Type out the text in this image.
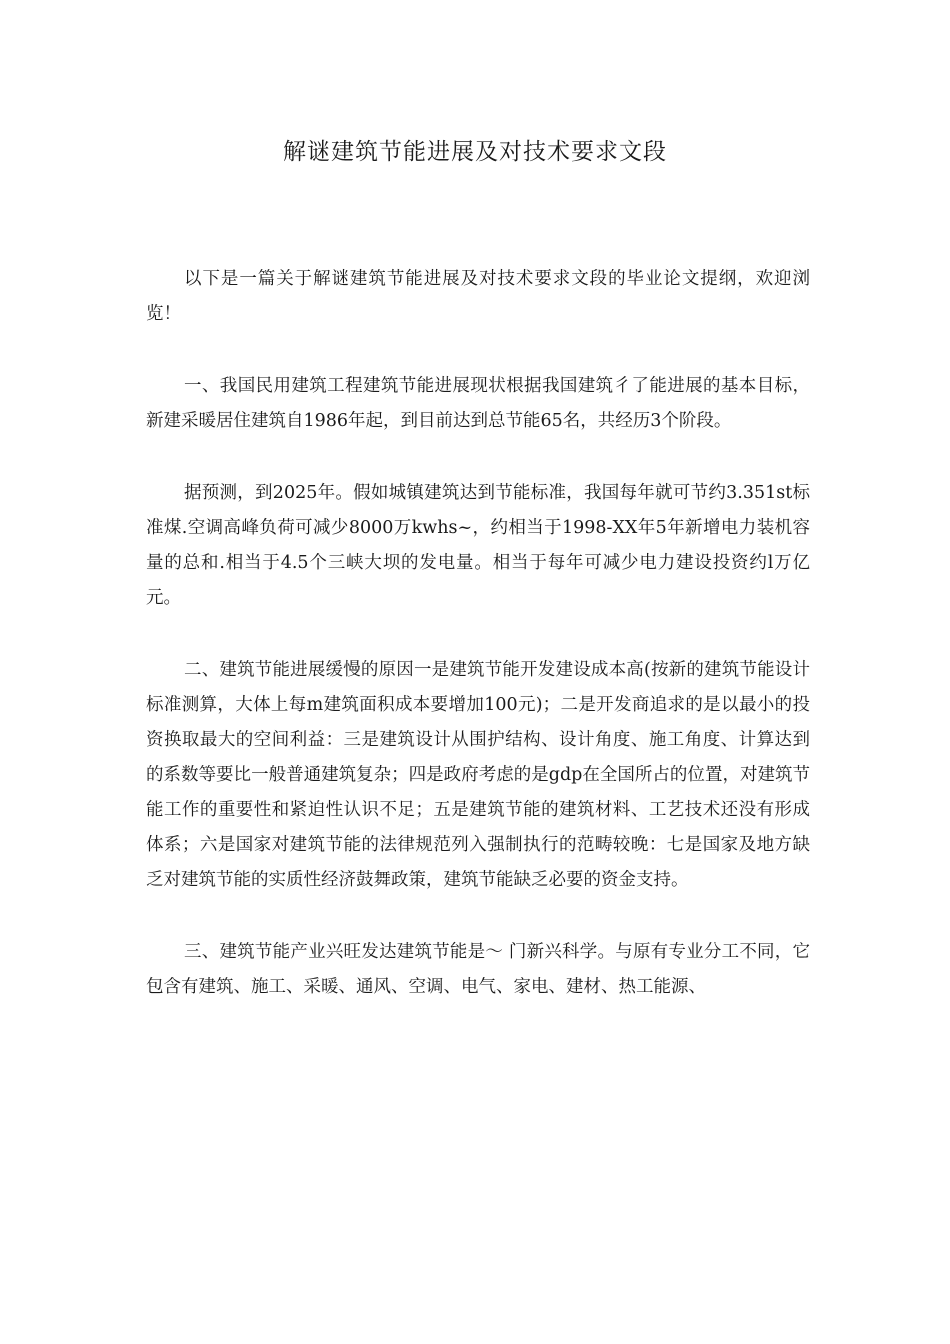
解谜建筑节能进展及对技术要求文段

以下是一篇关于解谜建筑节能进展及对技术要求文段的毕业论文提纲，欢迎浏览！

一、我国民用建筑工程建筑节能进展现状根据我国建筑彳了能进展的基本目标，新建采暖居住建筑自1986年起，到目前达到总节能65名，共经历3个阶段。

据预测，到2025年。假如城镇建筑达到节能标准，我国每年就可节约3.351st标准煤.空调高峰负荷可减少8000万kwhs~，约相当于1998-XX年5年新增电力装机容量的总和.相当于4.5个三峡大坝的发电量。相当于每年可减少电力建设投资约l万亿元。

二、建筑节能进展缓慢的原因一是建筑节能开发建设成本高(按新的建筑节能设计标准测算，大体上每m建筑面积成本要增加100元)；二是开发商追求的是以最小的投资换取最大的空间利益：三是建筑设计从围护结构、设计角度、施工角度、计算达到的系数等要比一般普通建筑复杂；四是政府考虑的是gdp在全国所占的位置，对建筑节能工作的重要性和紧迫性认识不足；五是建筑节能的建筑材料、工艺技术还没有形成体系；六是国家对建筑节能的法律规范列入强制执行的范畴较晚：七是国家及地方缺乏对建筑节能的实质性经济鼓舞政策，建筑节能缺乏必要的资金支持。

三、建筑节能产业兴旺发达建筑节能是～ 门新兴科学。与原有专业分工不同，它包含有建筑、施工、采暖、通风、空调、电气、家电、建材、热工能源、
